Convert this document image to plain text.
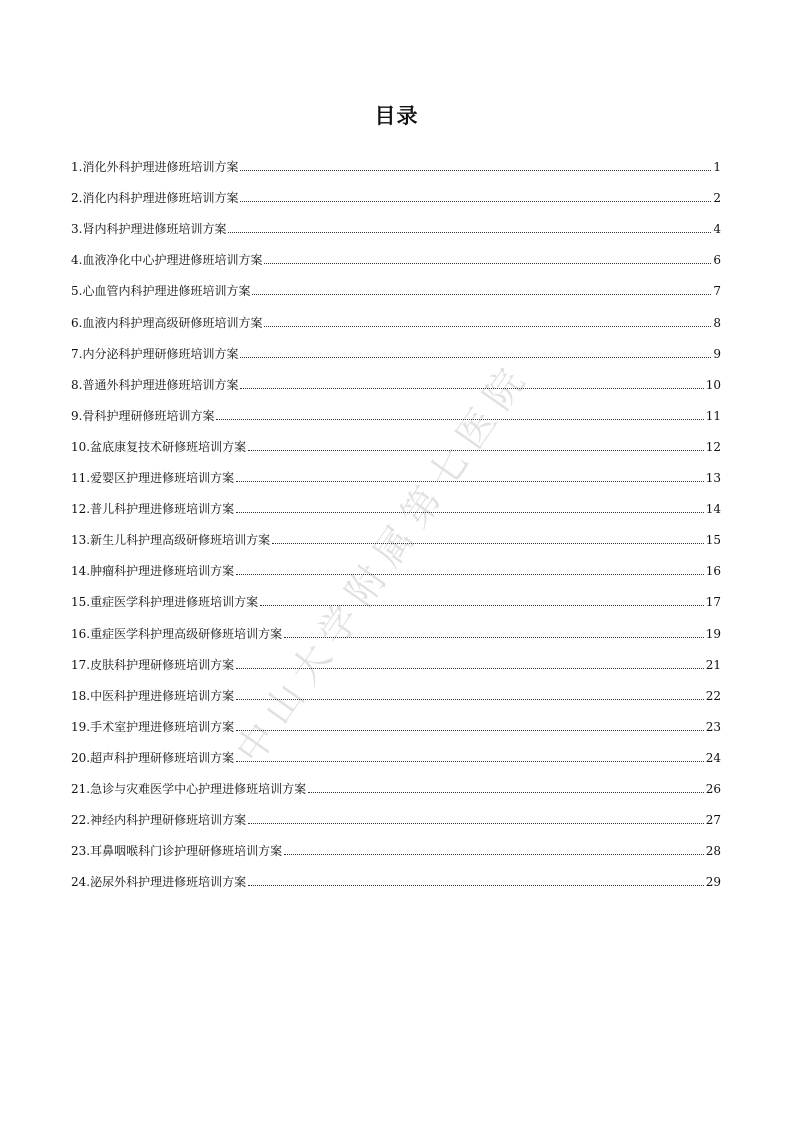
中山大学附属第七医院
目录
1.消化外科护理进修班培训方案	1
2.消化内科护理进修班培训方案	2
3.肾内科护理进修班培训方案	4
4.血液净化中心护理进修班培训方案	6
5.心血管内科护理进修班培训方案	7
6.血液内科护理高级研修班培训方案	8
7.内分泌科护理研修班培训方案	9
8.普通外科护理进修班培训方案	10
9.骨科护理研修班培训方案	11
10.盆底康复技术研修班培训方案	12
11.爱婴区护理进修班培训方案	13
12.普儿科护理进修班培训方案	14
13.新生儿科护理高级研修班培训方案	15
14.肿瘤科护理进修班培训方案	16
15.重症医学科护理进修班培训方案	17
16.重症医学科护理高级研修班培训方案	19
17.皮肤科护理研修班培训方案	21
18.中医科护理进修班培训方案	22
19.手术室护理进修班培训方案	23
20.超声科护理研修班培训方案	24
21.急诊与灾难医学中心护理进修班培训方案	26
22.神经内科护理研修班培训方案	27
23.耳鼻咽喉科门诊护理研修班培训方案	28
24.泌尿外科护理进修班培训方案	29
